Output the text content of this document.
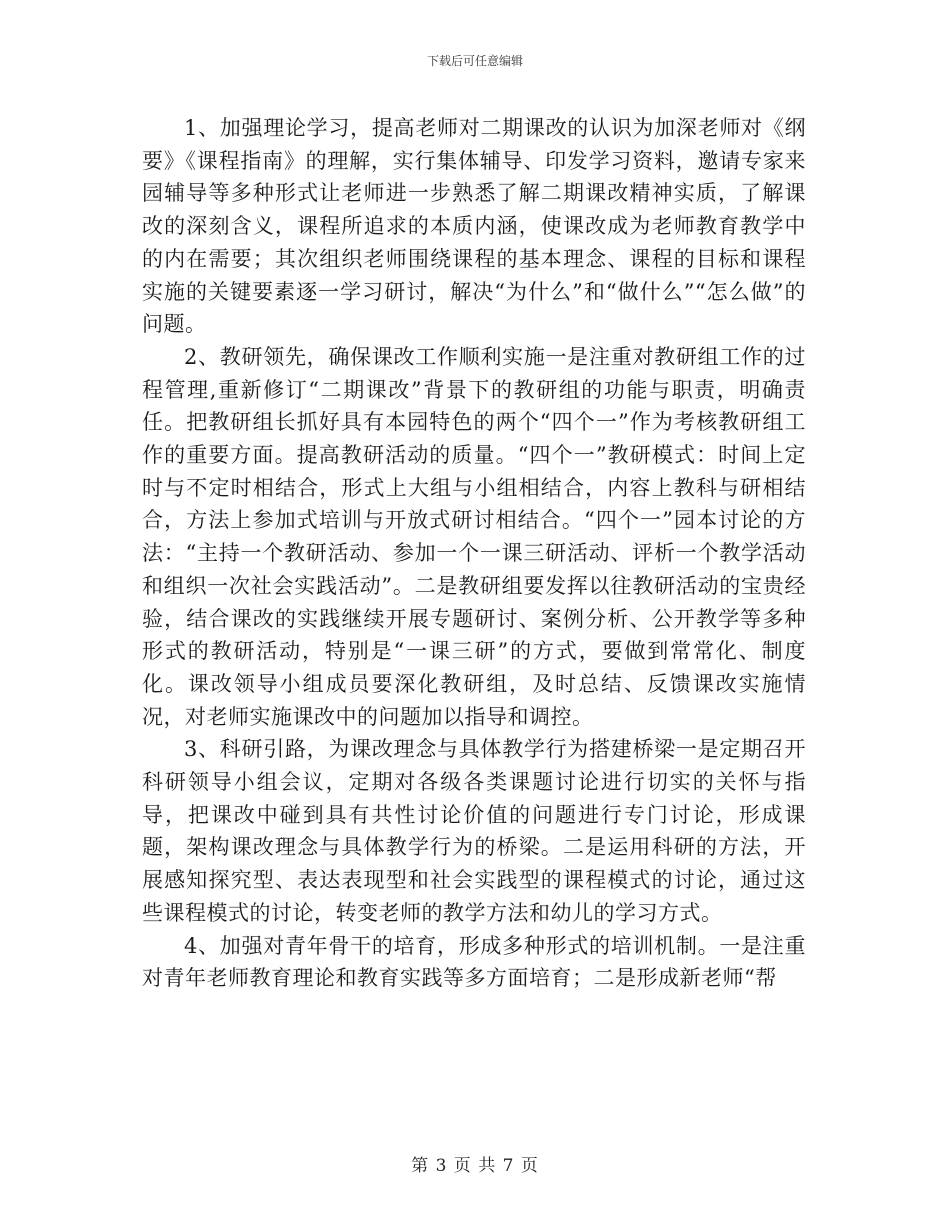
下载后可任意编辑

1、加强理论学习，提高老师对二期课改的认识为加深老师对《纲要》《课程指南》的理解，实行集体辅导、印发学习资料，邀请专家来园辅导等多种形式让老师进一步熟悉了解二期课改精神实质，了解课改的深刻含义，课程所追求的本质内涵，使课改成为老师教育教学中的内在需要；其次组织老师围绕课程的基本理念、课程的目标和课程实施的关键要素逐一学习研讨，解决“为什么”和“做什么”“怎么做”的问题。

2、教研领先，确保课改工作顺利实施一是注重对教研组工作的过程管理,重新修订“二期课改”背景下的教研组的功能与职责，明确责任。把教研组长抓好具有本园特色的两个“四个一”作为考核教研组工作的重要方面。提高教研活动的质量。“四个一”教研模式：时间上定时与不定时相结合，形式上大组与小组相结合，内容上教科与研相结合，方法上参加式培训与开放式研讨相结合。“四个一”园本讨论的方法：“主持一个教研活动、参加一个一课三研活动、评析一个教学活动和组织一次社会实践活动”。二是教研组要发挥以往教研活动的宝贵经验，结合课改的实践继续开展专题研讨、案例分析、公开教学等多种形式的教研活动，特别是“一课三研”的方式，要做到常常化、制度化。课改领导小组成员要深化教研组，及时总结、反馈课改实施情况，对老师实施课改中的问题加以指导和调控。

3、科研引路，为课改理念与具体教学行为搭建桥梁一是定期召开科研领导小组会议，定期对各级各类课题讨论进行切实的关怀与指导，把课改中碰到具有共性讨论价值的问题进行专门讨论，形成课题，架构课改理念与具体教学行为的桥梁。二是运用科研的方法，开展感知探究型、表达表现型和社会实践型的课程模式的讨论，通过这些课程模式的讨论，转变老师的教学方法和幼儿的学习方式。

4、加强对青年骨干的培育，形成多种形式的培训机制。一是注重对青年老师教育理论和教育实践等多方面培育；二是形成新老师“帮

第 3 页 共 7 页
